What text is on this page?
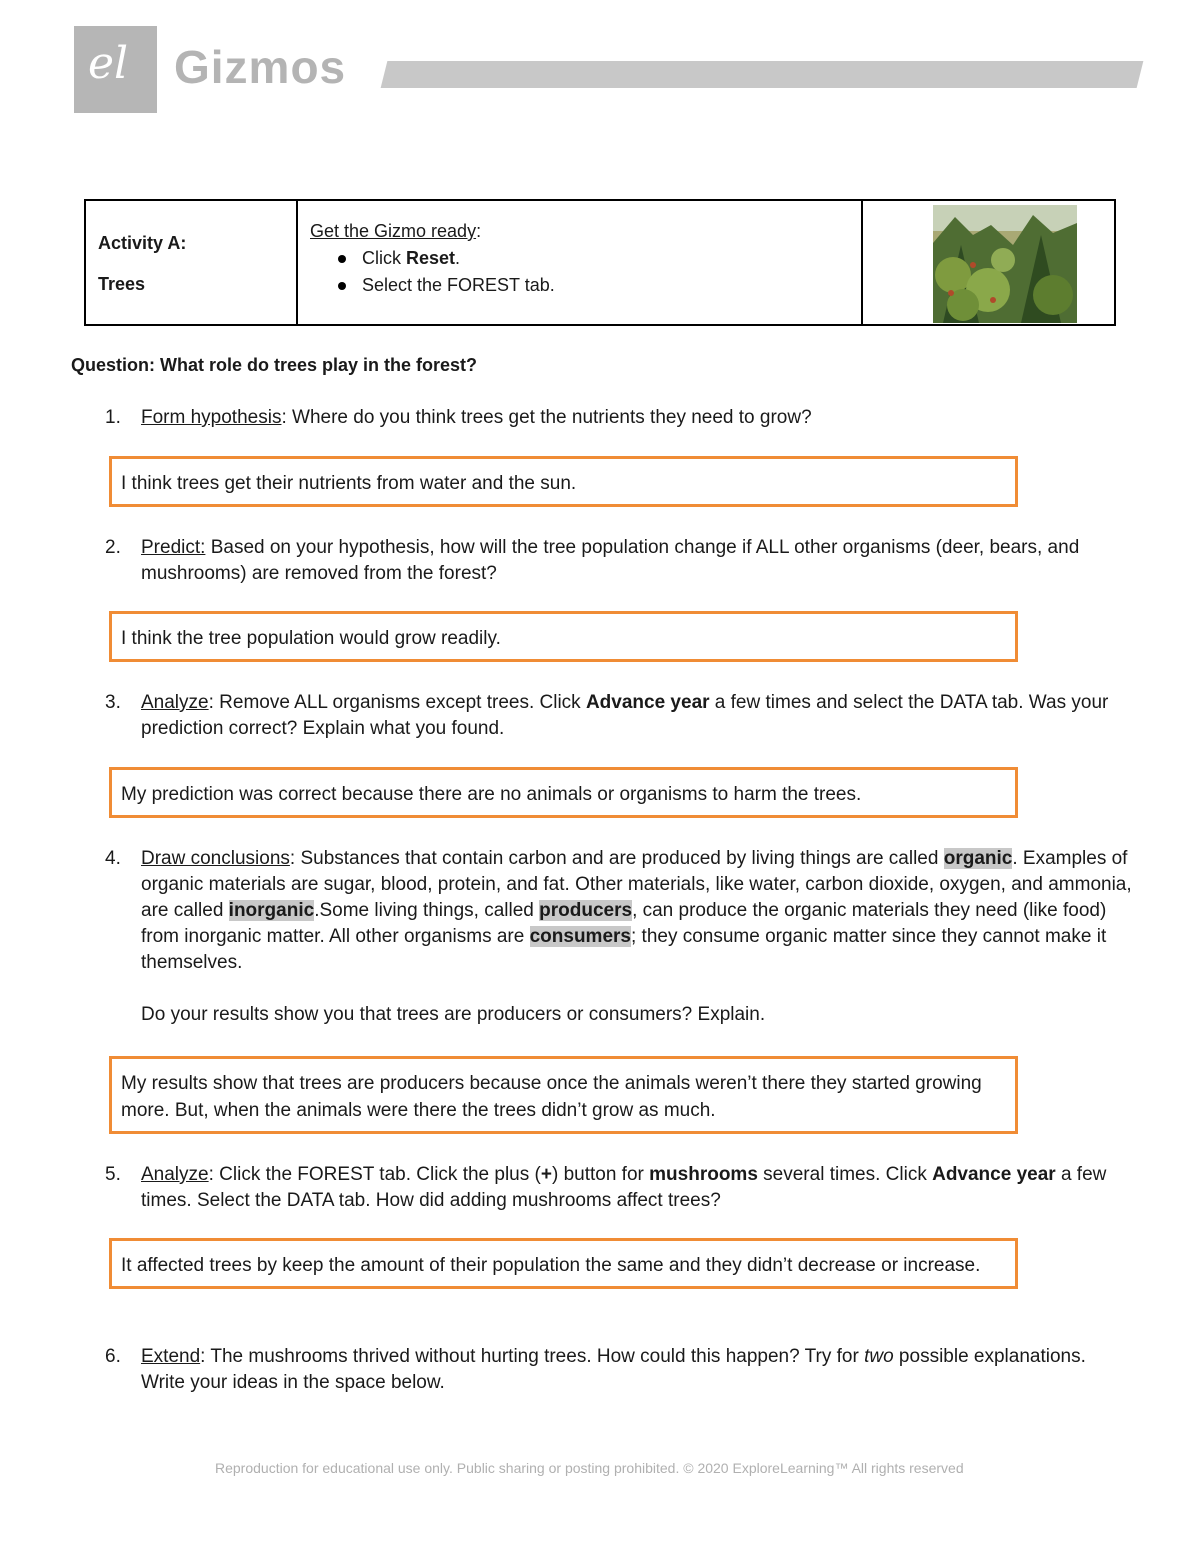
el Gizmos
Activity A:
Trees

Get the Gizmo ready:
Click Reset.
Select the FOREST tab.

Question: What role do trees play in the forest?
1. Form hypothesis: Where do you think trees get the nutrients they need to grow?
I think trees get their nutrients from water and the sun.
2. Predict: Based on your hypothesis, how will the tree population change if ALL other organisms (deer, bears, and mushrooms) are removed from the forest?
I think the tree population would grow readily.
3. Analyze: Remove ALL organisms except trees. Click Advance year a few times and select the DATA tab. Was your prediction correct? Explain what you found.
My prediction was correct because there are no animals or organisms to harm the trees.
4. Draw conclusions: Substances that contain carbon and are produced by living things are called organic. Examples of organic materials are sugar, blood, protein, and fat. Other materials, like water, carbon dioxide, oxygen, and ammonia, are called inorganic.Some living things, called producers, can produce the organic materials they need (like food) from inorganic matter. All other organisms are consumers; they consume organic matter since they cannot make it themselves.
Do your results show you that trees are producers or consumers? Explain.
My results show that trees are producers because once the animals weren’t there they started growing more. But, when the animals were there the trees didn’t grow as much.
5. Analyze: Click the FOREST tab. Click the plus (+) button for mushrooms several times. Click Advance year a few times. Select the DATA tab. How did adding mushrooms affect trees?
It affected trees by keep the amount of their population the same and they didn’t decrease or increase.
6. Extend: The mushrooms thrived without hurting trees. How could this happen? Try for two possible explanations. Write your ideas in the space below.
Reproduction for educational use only. Public sharing or posting prohibited. © 2020 ExploreLearning™ All rights reserved
